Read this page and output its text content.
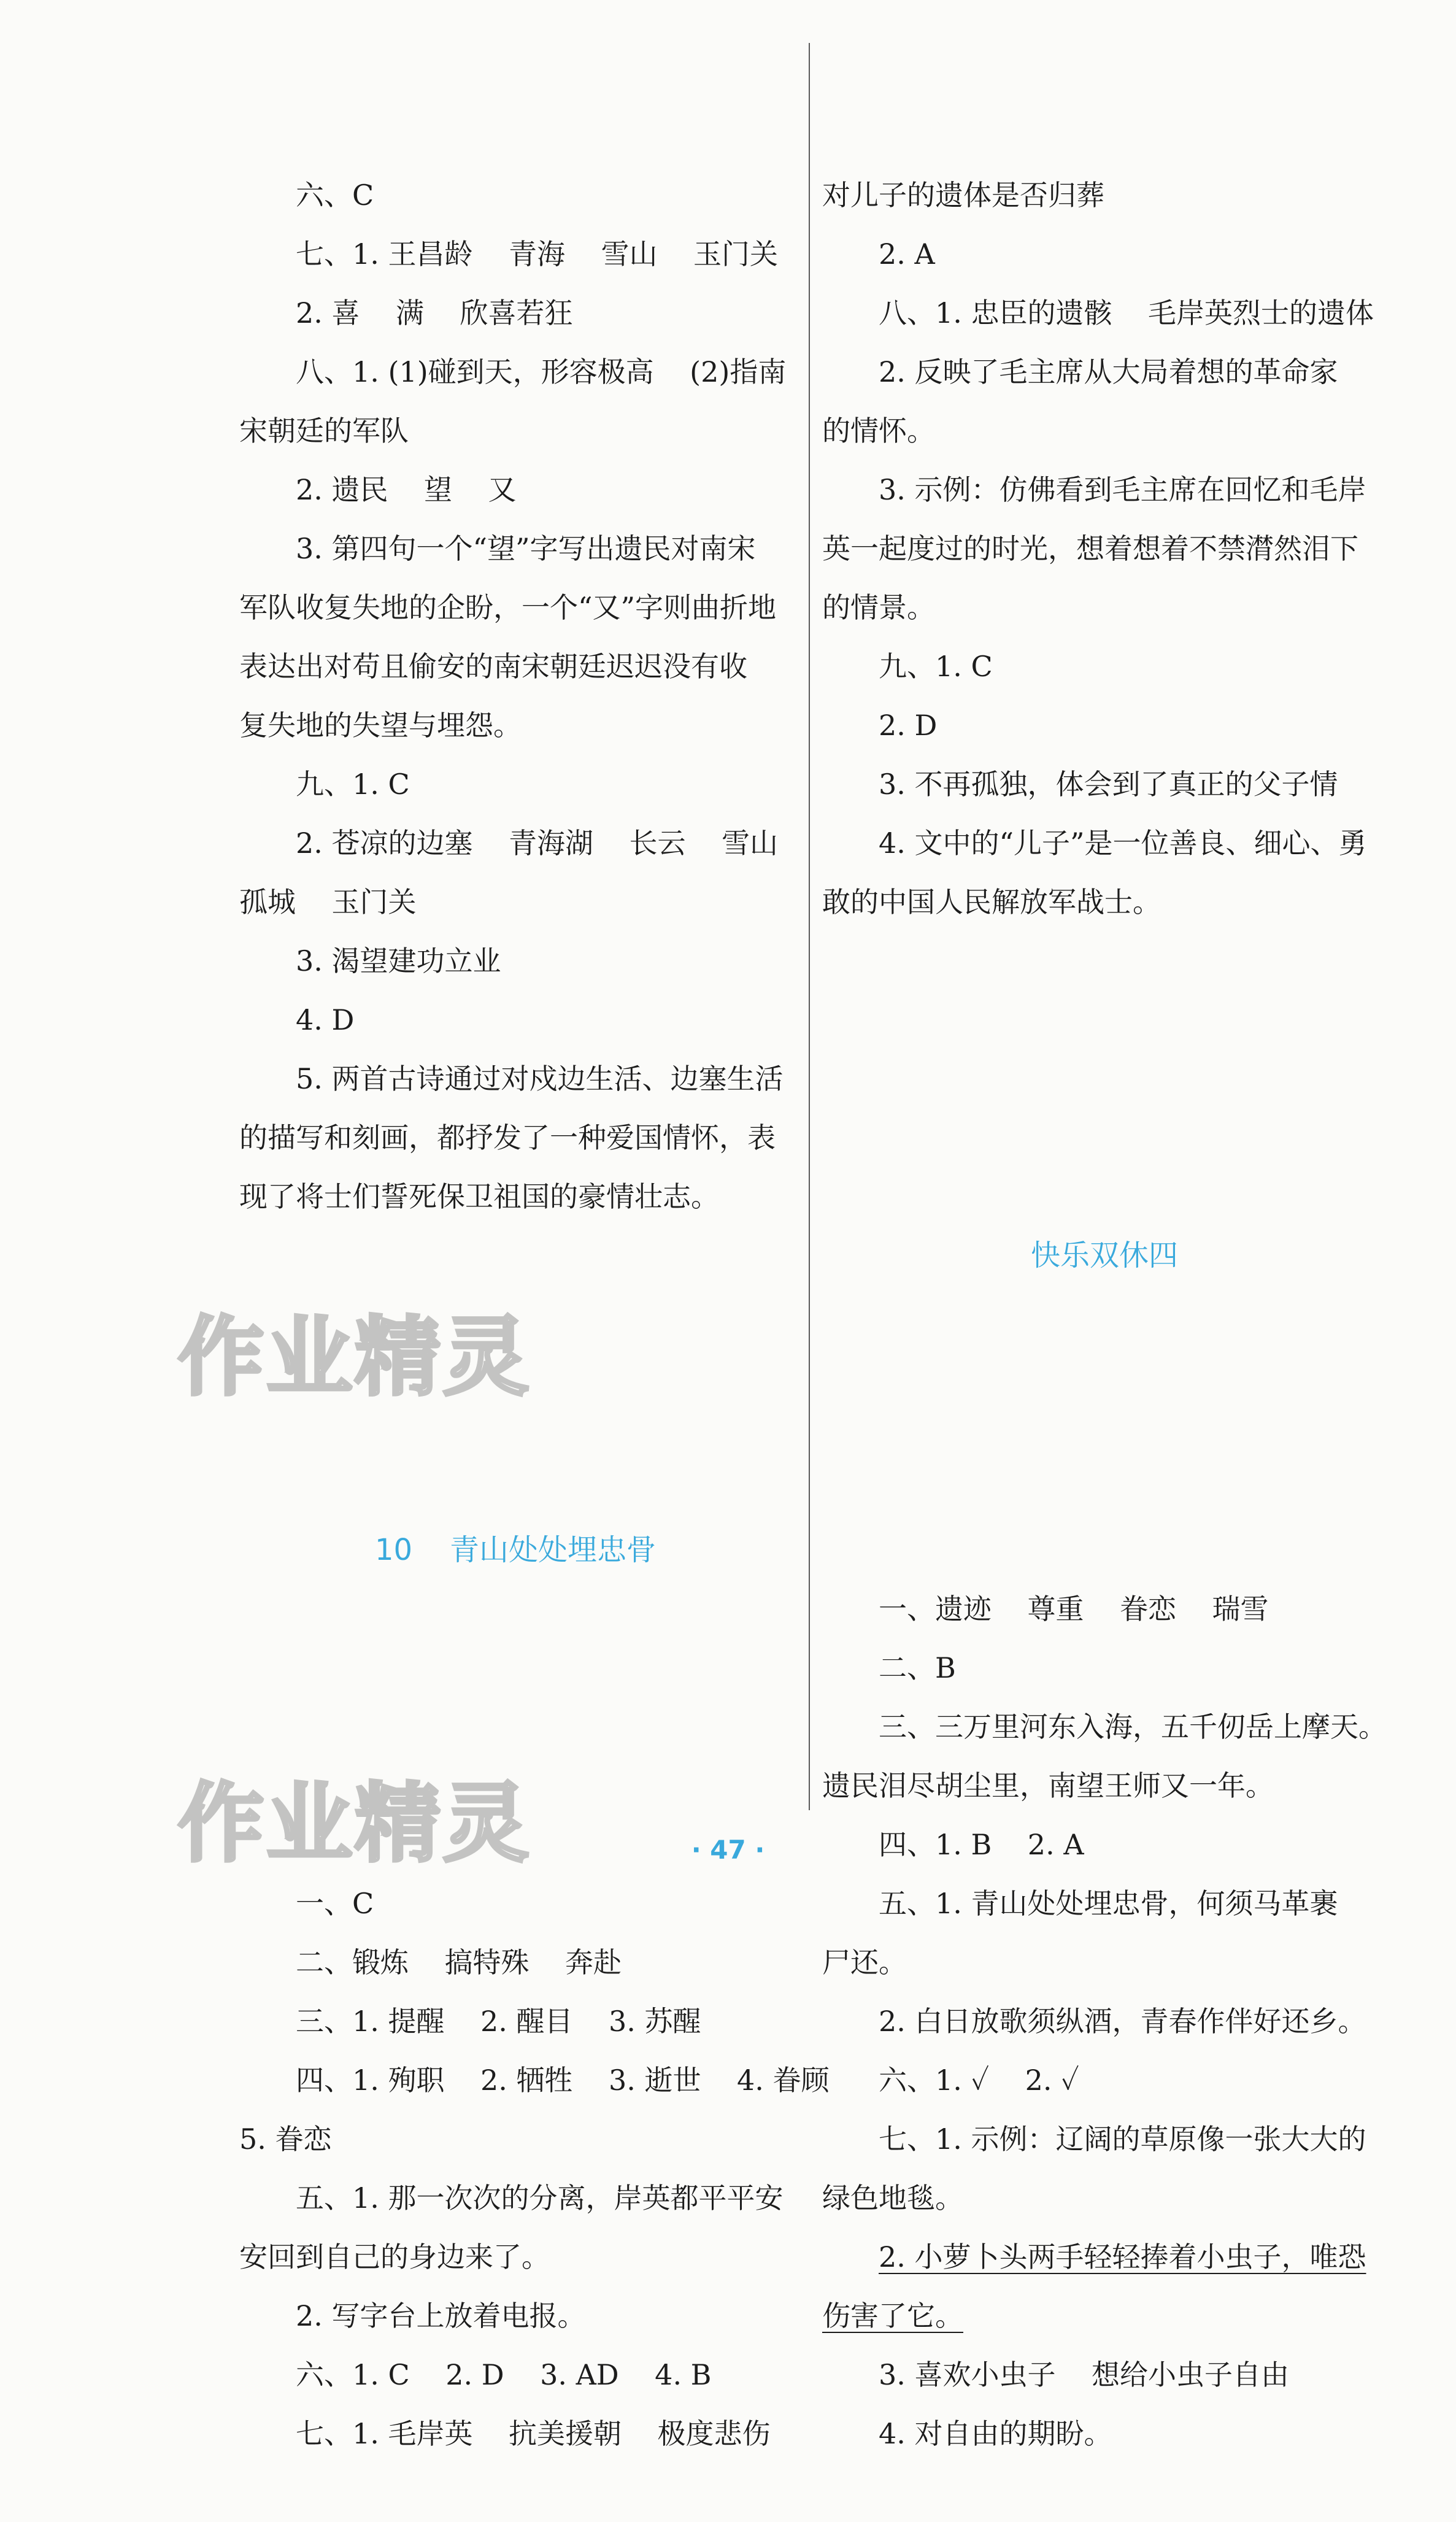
六、C
七、1. 王昌龄    青海    雪山    玉门关
2. 喜    满    欣喜若狂
八、1. (1)碰到天，形容极高    (2)指南
宋朝廷的军队
2. 遗民    望    又
3. 第四句一个“望”字写出遗民对南宋
军队收复失地的企盼，一个“又”字则曲折地
表达出对苟且偷安的南宋朝廷迟迟没有收
复失地的失望与埋怨。
九、1. C
2. 苍凉的边塞    青海湖    长云    雪山
孤城    玉门关
3. 渴望建功立业
4. D
5. 两首古诗通过对戍边生活、边塞生活
的描写和刻画，都抒发了一种爱国情怀，表
现了将士们誓死保卫祖国的豪情壮志。

10    青山处处埋忠骨

一、C
二、锻炼    搞特殊    奔赴
三、1. 提醒    2. 醒目    3. 苏醒
四、1. 殉职    2. 牺牲    3. 逝世    4. 眷顾
5. 眷恋
五、1. 那一次次的分离，岸英都平平安
安回到自己的身边来了。
2. 写字台上放着电报。
六、1. C    2. D    3. AD    4. B
七、1. 毛岸英    抗美援朝    极度悲伤

对儿子的遗体是否归葬
2. A
八、1. 忠臣的遗骸    毛岸英烈士的遗体
2. 反映了毛主席从大局着想的革命家
的情怀。
3. 示例：仿佛看到毛主席在回忆和毛岸
英一起度过的时光，想着想着不禁潸然泪下
的情景。
九、1. C
2. D
3. 不再孤独，体会到了真正的父子情
4. 文中的“儿子”是一位善良、细心、勇
敢的中国人民解放军战士。

快乐双休四

一、遗迹    尊重    眷恋    瑞雪
二、B
三、三万里河东入海，五千仞岳上摩天。
遗民泪尽胡尘里，南望王师又一年。
四、1. B    2. A
五、1. 青山处处埋忠骨，何须马革裹
尸还。
2. 白日放歌须纵酒，青春作伴好还乡。
六、1. ✓    2. ✓
七、1. 示例：辽阔的草原像一张大大的
绿色地毯。
2. 小萝卜头两手轻轻捧着小虫子，唯恐
伤害了它。
3. 喜欢小虫子    想给小虫子自由
4. 对自由的期盼。

· 47 ·
作业精灵
作业精灵
